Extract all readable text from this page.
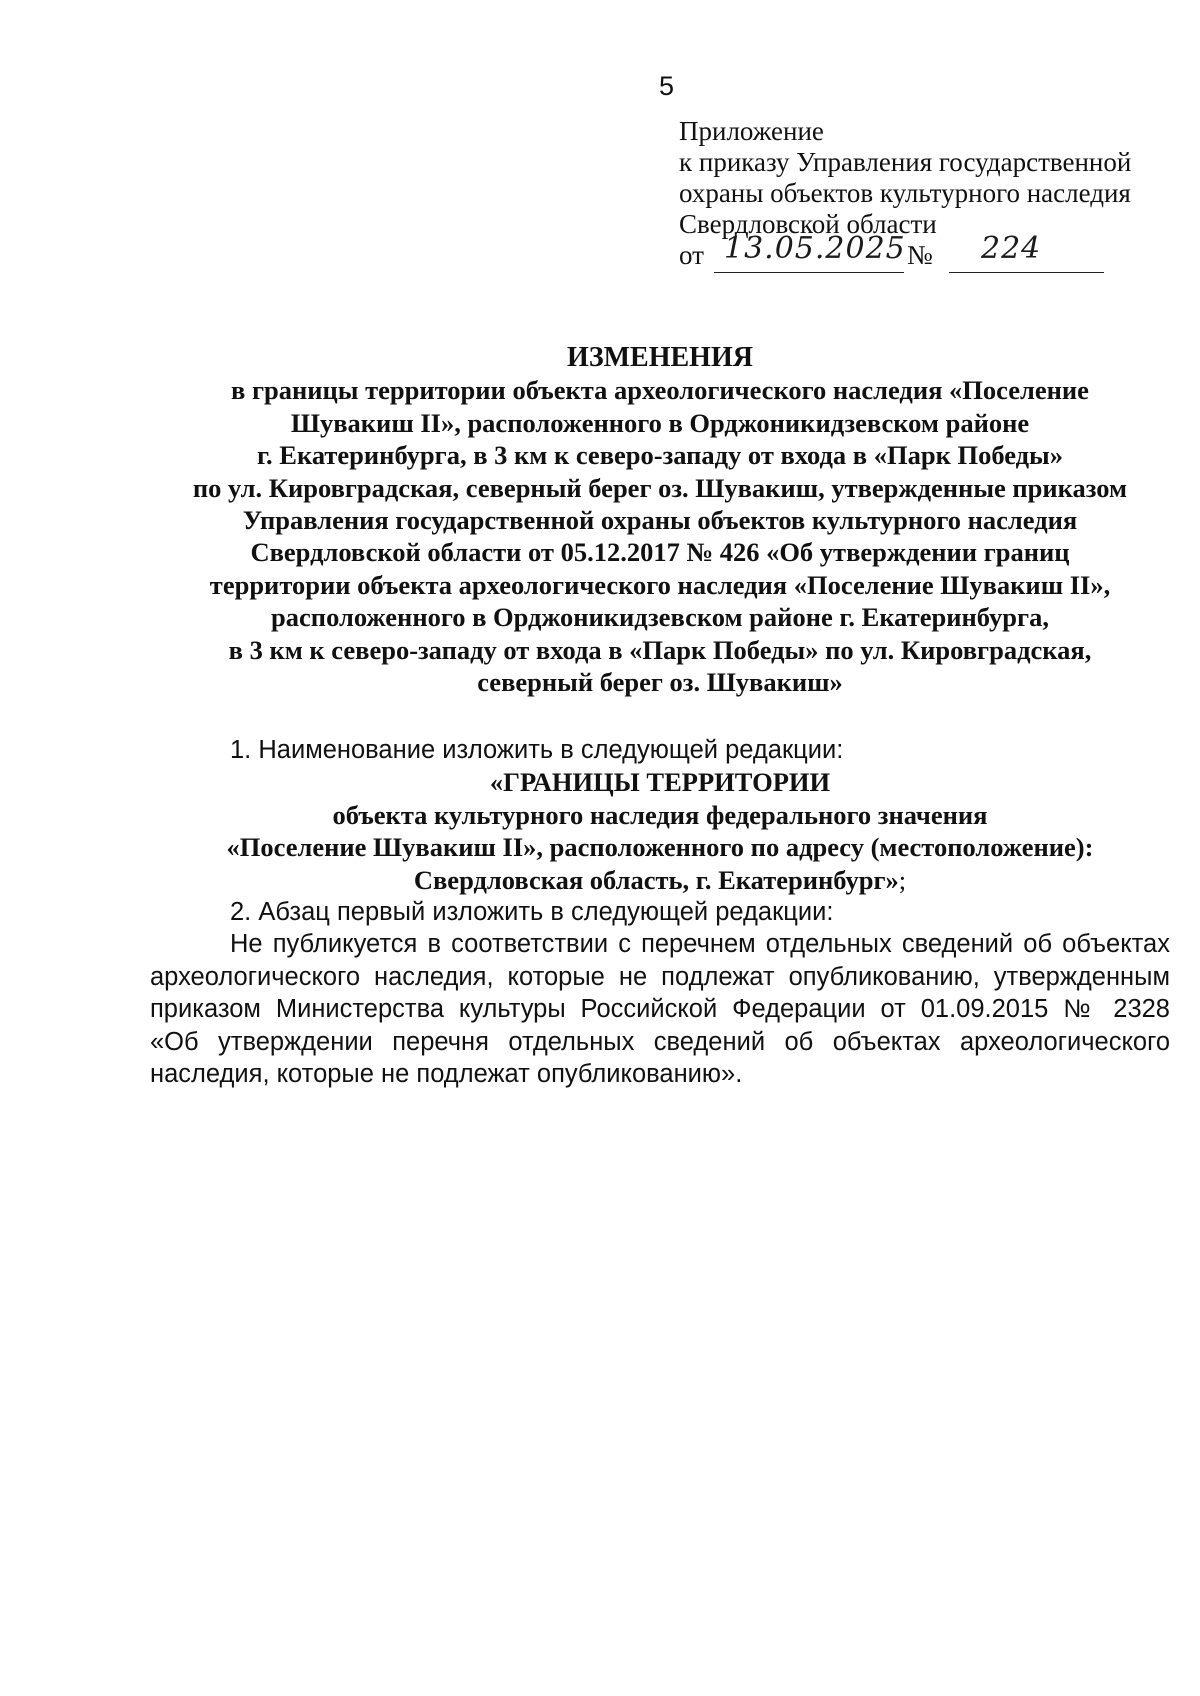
5
Приложение
к приказу Управления государственной
охраны объектов культурного наследия
Свердловской области
от 13.05.2025 № 224
ИЗМЕНЕНИЯ
в границы территории объекта археологического наследия «Поселение
Шувакиш II», расположенного в Орджоникидзевском районе
г. Екатеринбурга, в 3 км к северо-западу от входа в «Парк Победы»
по ул. Кировградская, северный берег оз. Шувакиш, утвержденные приказом
Управления государственной охраны объектов культурного наследия
Свердловской области от 05.12.2017 № 426 «Об утверждении границ
территории объекта археологического наследия «Поселение Шувакиш II»,
расположенного в Орджоникидзевском районе г. Екатеринбурга,
в 3 км к северо-западу от входа в «Парк Победы» по ул. Кировградская,
северный берег оз. Шувакиш»
1. Наименование изложить в следующей редакции:
«ГРАНИЦЫ ТЕРРИТОРИИ
объекта культурного наследия федерального значения
«Поселение Шувакиш II», расположенного по адресу (местоположение):
Свердловская область, г. Екатеринбург»;
2. Абзац первый изложить в следующей редакции:
Не публикуется в соответствии с перечнем отдельных сведений об объектах
археологического наследия, которые не подлежат опубликованию, утвержденным
приказом Министерства культуры Российской Федерации от 01.09.2015 № 2328
«Об утверждении перечня отдельных сведений об объектах археологического
наследия, которые не подлежат опубликованию».
